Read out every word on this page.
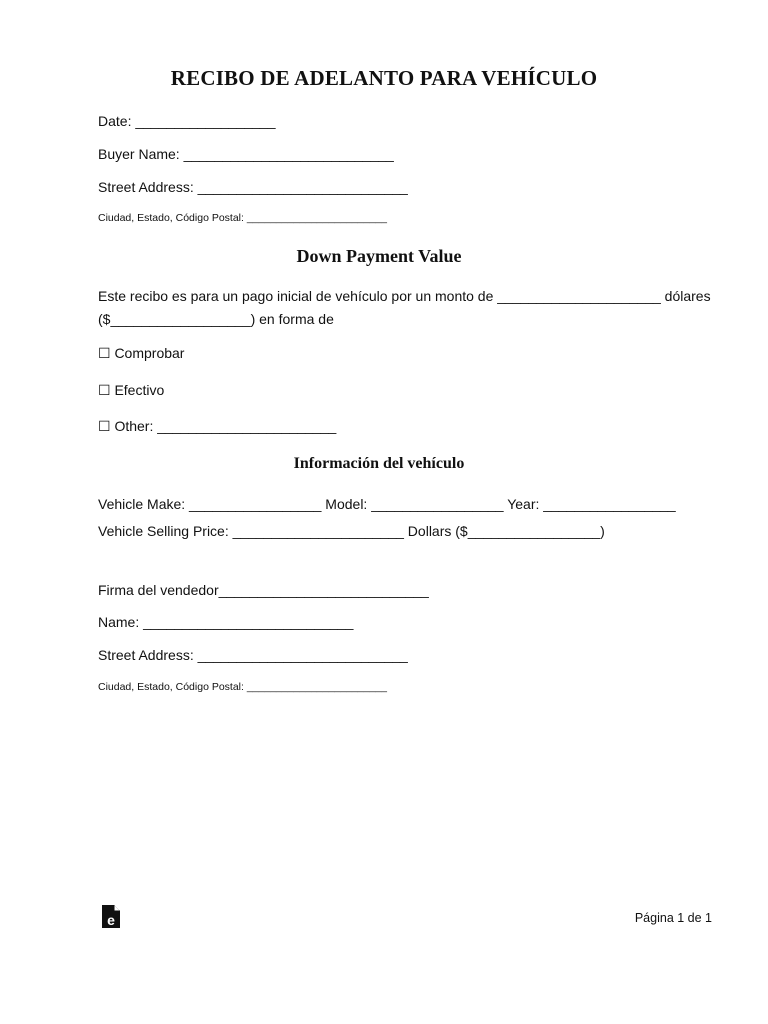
RECIBO DE ADELANTO PARA VEHÍCULO
Date: __________________
Buyer Name: ___________________________
Street Address: ___________________________
Ciudad, Estado, Código Postal: ________________________
Down Payment Value
Este recibo es para un pago inicial de vehículo por un monto de _____________________ dólares
($__________________) en forma de
☐ Comprobar
☐ Efectivo
☐ Other: _______________________
Información del vehículo
Vehicle Make: _________________ Model: _________________ Year: _________________
Vehicle Selling Price: ______________________ Dollars ($_________________)
Firma del vendedor___________________________
Name: ___________________________
Street Address: ___________________________
Ciudad, Estado, Código Postal: ________________________
e	Página 1 de 1
